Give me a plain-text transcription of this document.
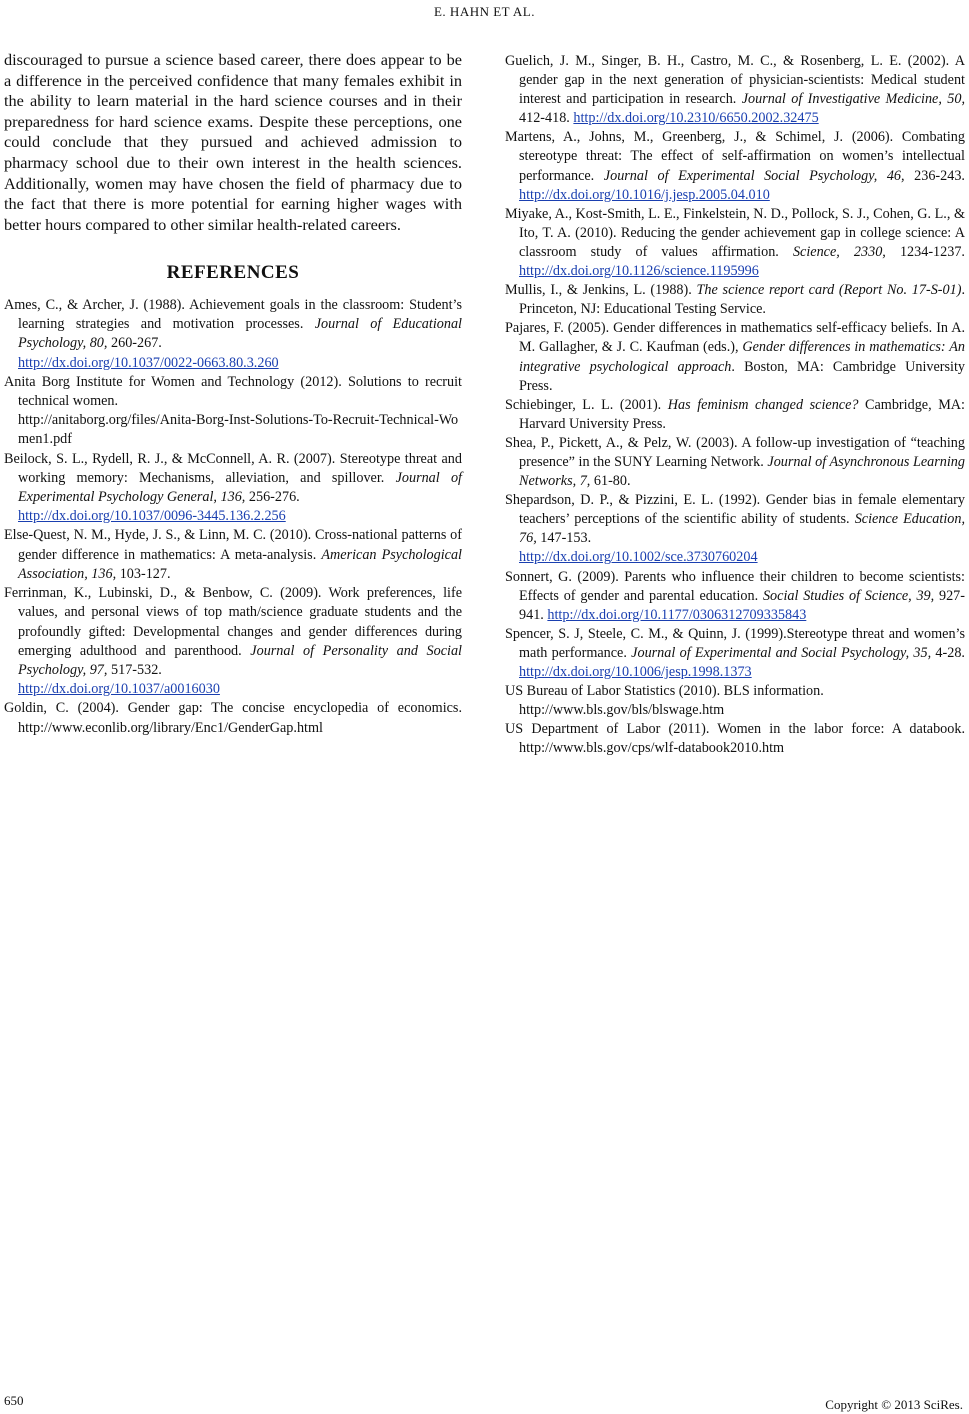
E. HAHN ET AL.

discouraged to pursue a science based career, there does appear to be a difference in the perceived confidence that many females exhibit in the ability to learn material in the hard science courses and in their preparedness for hard science exams. Despite these perceptions, one could conclude that they pursued and achieved admission to pharmacy school due to their own interest in the health sciences. Additionally, women may have chosen the field of pharmacy due to the fact that there is more potential for earning higher wages with better hours compared to other similar health-related careers.

REFERENCES

Ames, C., & Archer, J. (1988). Achievement goals in the classroom: Student’s learning strategies and motivation processes. Journal of Educational Psychology, 80, 260-267.
http://dx.doi.org/10.1037/0022-0663.80.3.260

Anita Borg Institute for Women and Technology (2012). Solutions to recruit technical women.
http://anitaborg.org/files/Anita-Borg-Inst-Solutions-To-Recruit-Technical-Women1.pdf

Beilock, S. L., Rydell, R. J., & McConnell, A. R. (2007). Stereotype threat and working memory: Mechanisms, alleviation, and spillover. Journal of Experimental Psychology General, 136, 256-276.
http://dx.doi.org/10.1037/0096-3445.136.2.256

Else-Quest, N. M., Hyde, J. S., & Linn, M. C. (2010). Cross-national patterns of gender difference in mathematics: A meta-analysis. American Psychological Association, 136, 103-127.

Ferrinman, K., Lubinski, D., & Benbow, C. (2009). Work preferences, life values, and personal views of top math/science graduate students and the profoundly gifted: Developmental changes and gender differences during emerging adulthood and parenthood. Journal of Personality and Social Psychology, 97, 517-532.
http://dx.doi.org/10.1037/a0016030

Goldin, C. (2004). Gender gap: The concise encyclopedia of economics. http://www.econlib.org/library/Enc1/GenderGap.html

Guelich, J. M., Singer, B. H., Castro, M. C., & Rosenberg, L. E. (2002). A gender gap in the next generation of physician-scientists: Medical student interest and participation in research. Journal of Investigative Medicine, 50, 412-418. http://dx.doi.org/10.2310/6650.2002.32475

Martens, A., Johns, M., Greenberg, J., & Schimel, J. (2006). Combating stereotype threat: The effect of self-affirmation on women’s intellectual performance. Journal of Experimental Social Psychology, 46, 236-243. http://dx.doi.org/10.1016/j.jesp.2005.04.010

Miyake, A., Kost-Smith, L. E., Finkelstein, N. D., Pollock, S. J., Cohen, G. L., & Ito, T. A. (2010). Reducing the gender achievement gap in college science: A classroom study of values affirmation. Science, 2330, 1234-1237. http://dx.doi.org/10.1126/science.1195996

Mullis, I., & Jenkins, L. (1988). The science report card (Report No. 17-S-01). Princeton, NJ: Educational Testing Service.

Pajares, F. (2005). Gender differences in mathematics self-efficacy beliefs. In A. M. Gallagher, & J. C. Kaufman (eds.), Gender differences in mathematics: An integrative psychological approach. Boston, MA: Cambridge University Press.

Schiebinger, L. L. (2001). Has feminism changed science? Cambridge, MA: Harvard University Press.

Shea, P., Pickett, A., & Pelz, W. (2003). A follow-up investigation of “teaching presence” in the SUNY Learning Network. Journal of Asynchronous Learning Networks, 7, 61-80.

Shepardson, D. P., & Pizzini, E. L. (1992). Gender bias in female elementary teachers’ perceptions of the scientific ability of students. Science Education, 76, 147-153.
http://dx.doi.org/10.1002/sce.3730760204

Sonnert, G. (2009). Parents who influence their children to become scientists: Effects of gender and parental education. Social Studies of Science, 39, 927-941. http://dx.doi.org/10.1177/0306312709335843

Spencer, S. J, Steele, C. M., & Quinn, J. (1999).Stereotype threat and women’s math performance. Journal of Experimental and Social Psychology, 35, 4-28. http://dx.doi.org/10.1006/jesp.1998.1373

US Bureau of Labor Statistics (2010). BLS information.
http://www.bls.gov/bls/blswage.htm

US Department of Labor (2011). Women in the labor force: A databook. http://www.bls.gov/cps/wlf-databook2010.htm

650	Copyright © 2013 SciRes.
